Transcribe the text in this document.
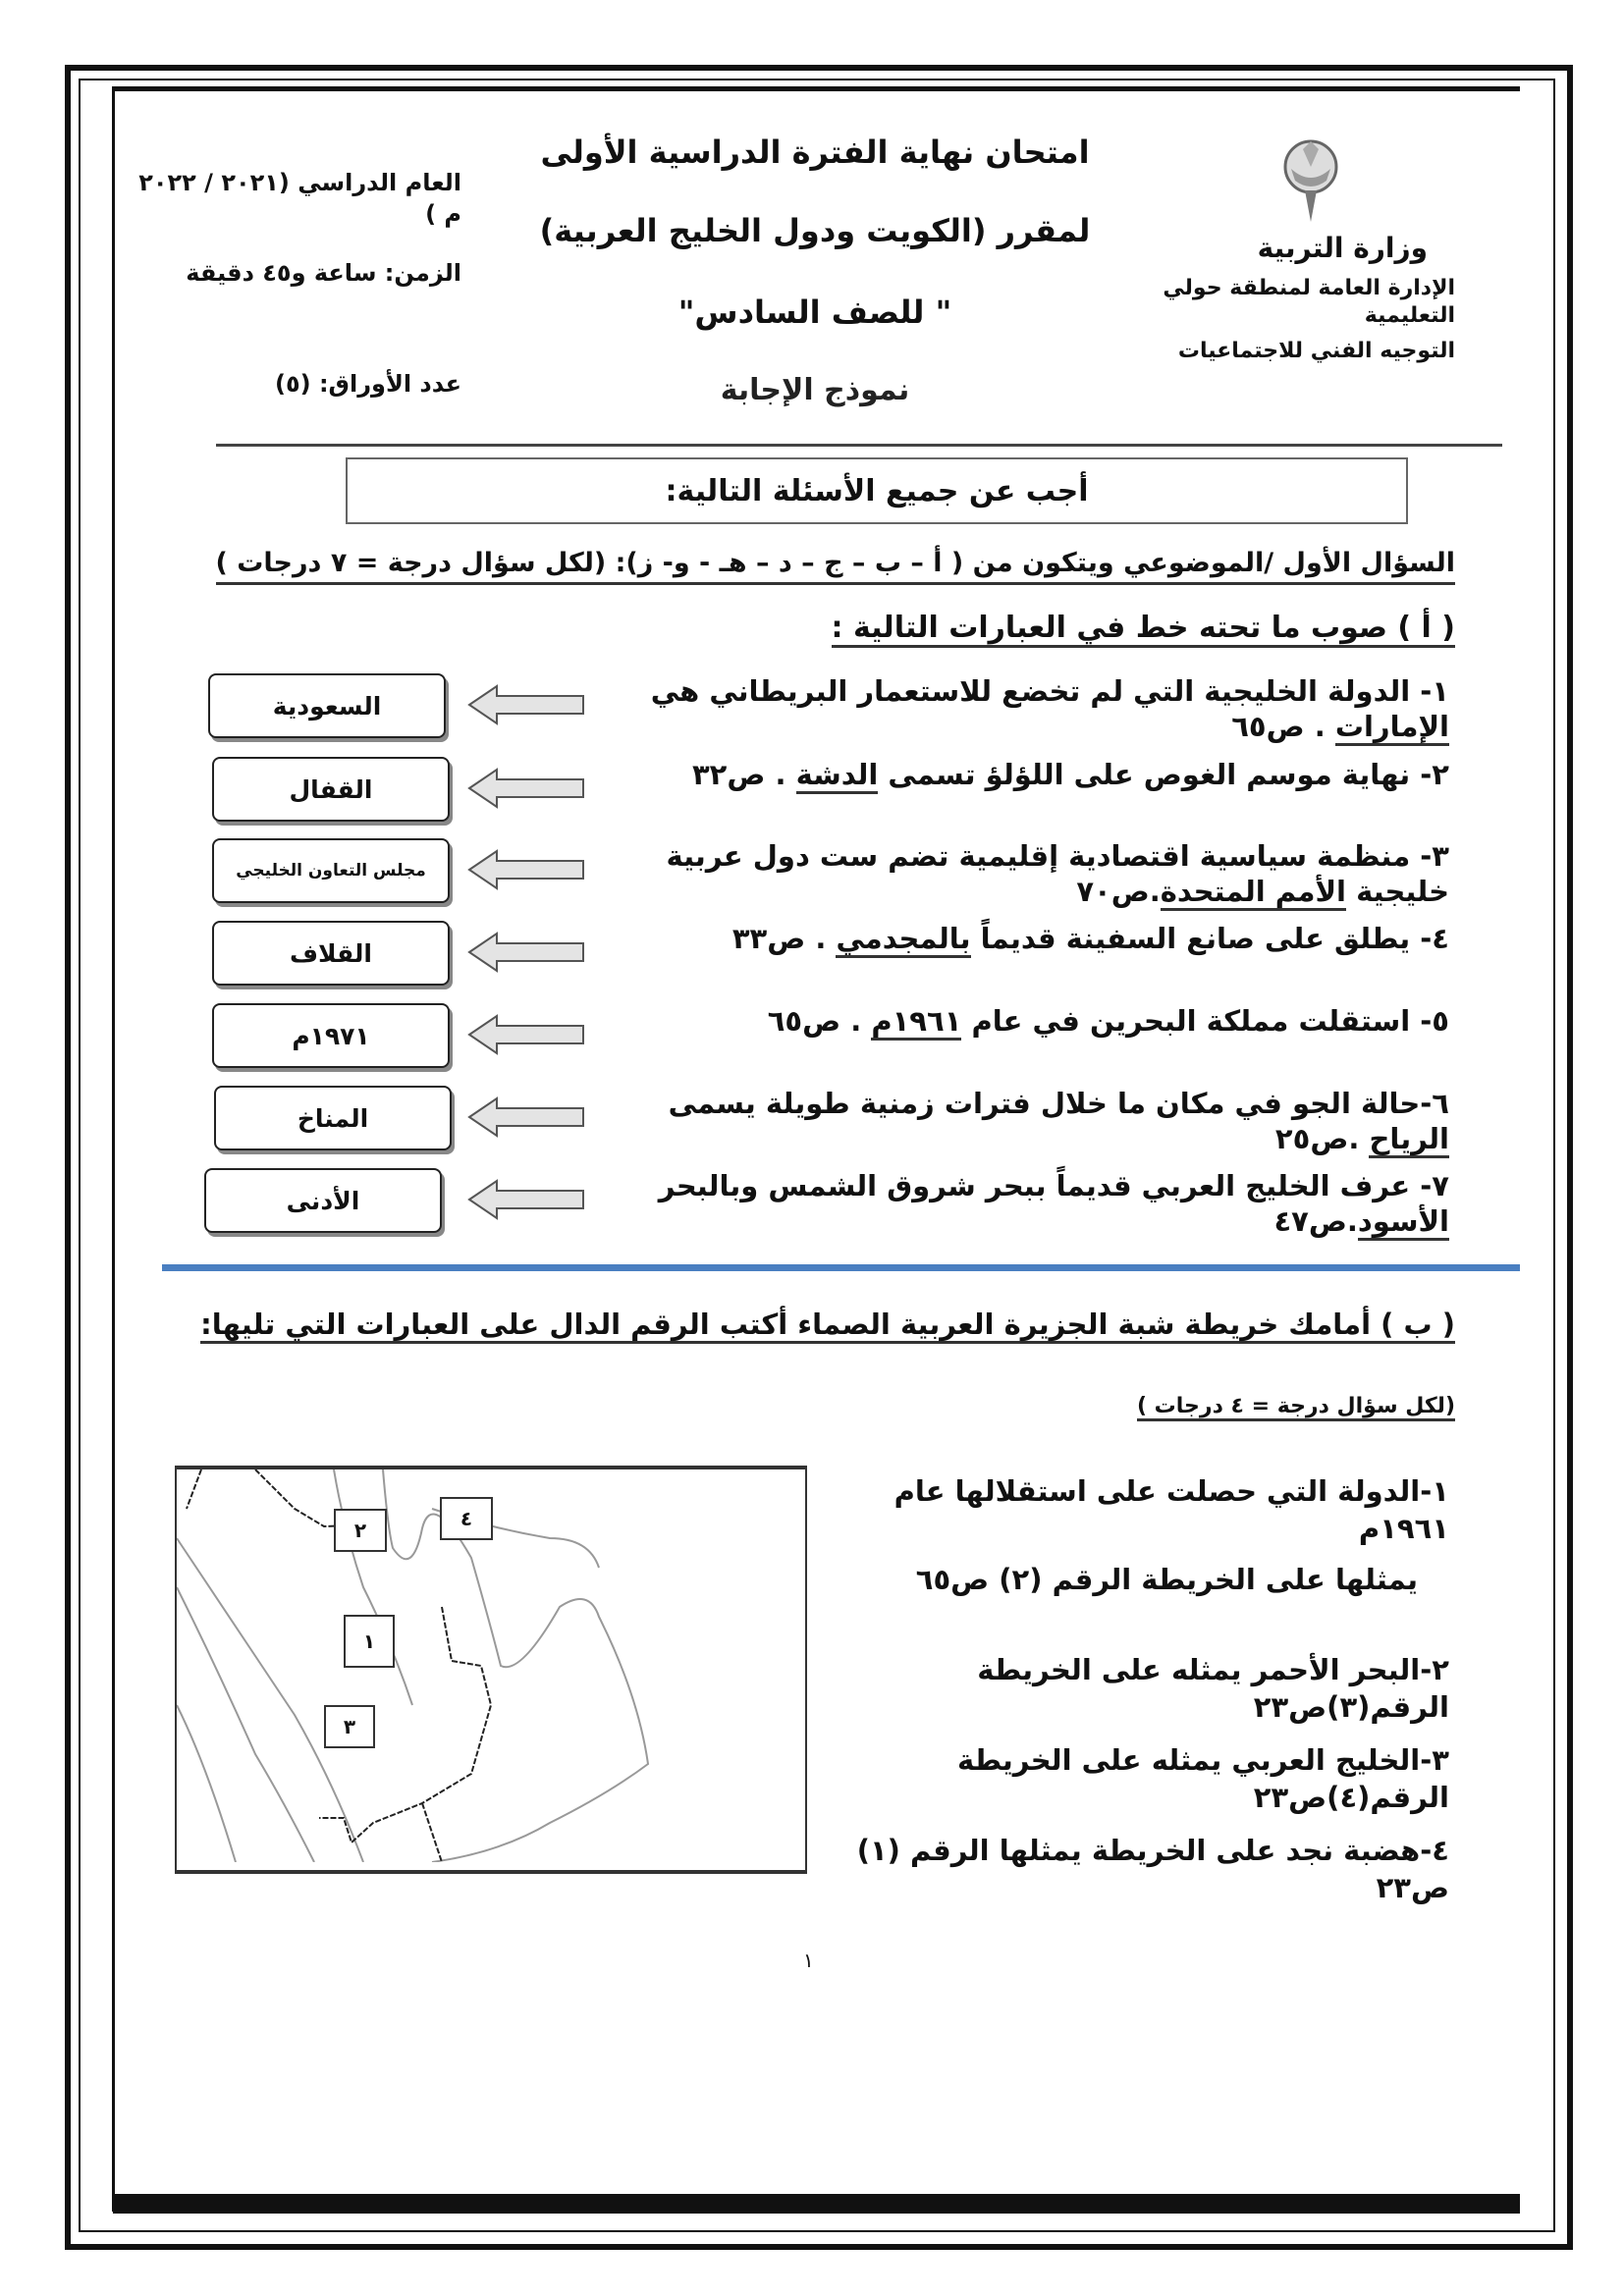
وزارة التربية
الإدارة العامة لمنطقة حولي التعليمية
التوجيه الفني للاجتماعيات
امتحان نهاية الفترة الدراسية الأولى
لمقرر (الكويت ودول الخليج العربية)
" للصف السادس"
نموذج الإجابة
العام الدراسي (٢٠٢١ / ٢٠٢٢ م )
الزمن: ساعة و٤٥ دقيقة
عدد الأوراق: (٥)
أجب عن جميع الأسئلة التالية:
السؤال الأول /الموضوعي ويتكون من ( أ – ب – ج – د – هـ - و- ز): (لكل سؤال درجة = ٧ درجات )
( أ ) صوب ما تحته خط في العبارات التالية :
١- الدولة الخليجية التي لم تخضع للاستعمار البريطاني هي الإمارات . ص٦٥
السعودية
٢- نهاية موسم الغوص على اللؤلؤ تسمى الدشة . ص٣٢
القفال
٣- منظمة سياسية اقتصادية إقليمية تضم ست دول عربية خليجية الأمم المتحدة.ص٧٠
مجلس التعاون الخليجي
٤- يطلق على صانع السفينة قديماً بالمجدمي . ص٣٣
القلاف
٥- استقلت مملكة البحرين في عام ١٩٦١م . ص٦٥
١٩٧١م
٦-حالة الجو في مكان ما خلال فترات زمنية طويلة يسمى الرياح .ص٢٥
المناخ
٧- عرف الخليج العربي قديماً ببحر شروق الشمس وبالبحر الأسود.ص٤٧
الأدنى
( ب ) أمامك خريطة شبة الجزيرة العربية الصماء أكتب الرقم الدال على العبارات التي تليها:
(لكل سؤال درجة = ٤ درجات )
٢	٤
١
٣
١-الدولة التي حصلت على استقلالها عام ١٩٦١م
يمثلها على الخريطة الرقم (٢) ص٦٥
٢-البحر الأحمر يمثله على الخريطة الرقم(٣)ص٢٣
٣-الخليج العربي يمثله على الخريطة الرقم(٤)ص٢٣
٤-هضبة نجد على الخريطة يمثلها الرقم (١) ص٢٣
١
